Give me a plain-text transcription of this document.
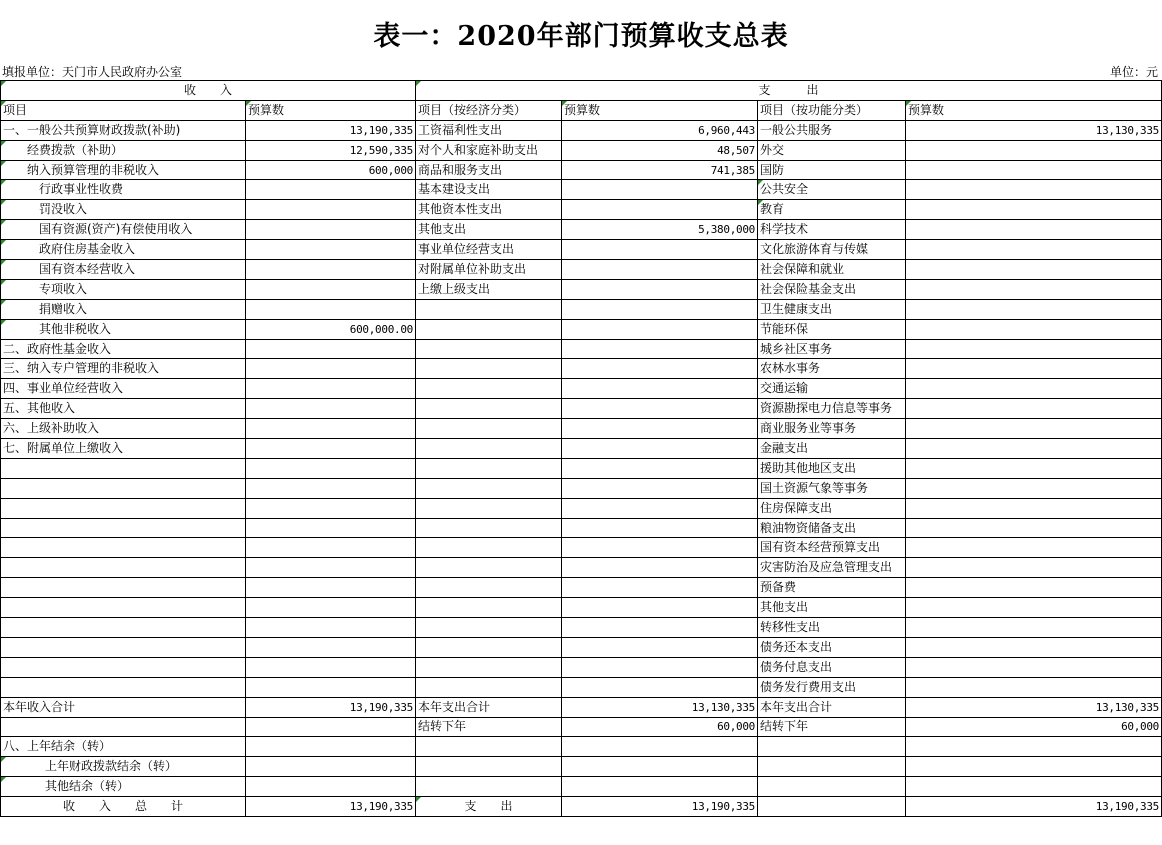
表一：2020年部门预算收支总表
填报单位：天门市人民政府办公室	单位：元
收　　入		支　　　出			
项目	预算数	项目（按经济分类）	预算数	项目（按功能分类）	预算数
一、一般公共预算财政拨款(补助)	13,190,335	工资福利性支出	6,960,443	一般公共服务	13,130,335
经费拨款（补助）	12,590,335	对个人和家庭补助支出	48,507	外交	
纳入预算管理的非税收入	600,000	商品和服务支出	741,385	国防	
行政事业性收费		基本建设支出		公共安全	
罚没收入		其他资本性支出		教育	
国有资源(资产)有偿使用收入		其他支出	5,380,000	科学技术	
政府住房基金收入		事业单位经营支出		文化旅游体育与传媒	
国有资本经营收入		对附属单位补助支出		社会保障和就业	
专项收入		上缴上级支出		社会保险基金支出	
捐赠收入				卫生健康支出	
其他非税收入	600,000.00			节能环保	
二、政府性基金收入				城乡社区事务	
三、纳入专户管理的非税收入				农林水事务	
四、事业单位经营收入				交通运输	
五、其他收入				资源勘探电力信息等事务	
六、上级补助收入				商业服务业等事务	
七、附属单位上缴收入				金融支出	
				援助其他地区支出	
				国土资源气象等事务	
				住房保障支出	
				粮油物资储备支出	
				国有资本经营预算支出	
				灾害防治及应急管理支出	
				预备费	
				其他支出	
				转移性支出	
				债务还本支出	
				债务付息支出	
				债务发行费用支出	
本年收入合计	13,190,335	本年支出合计	13,130,335	本年支出合计	13,130,335
		结转下年	60,000	结转下年	60,000
八、上年结余（转）					
上年财政拨款结余（转）					
其他结余（转）					
收　　入　　总　　计	13,190,335	支　　出	13,190,335		13,190,335
